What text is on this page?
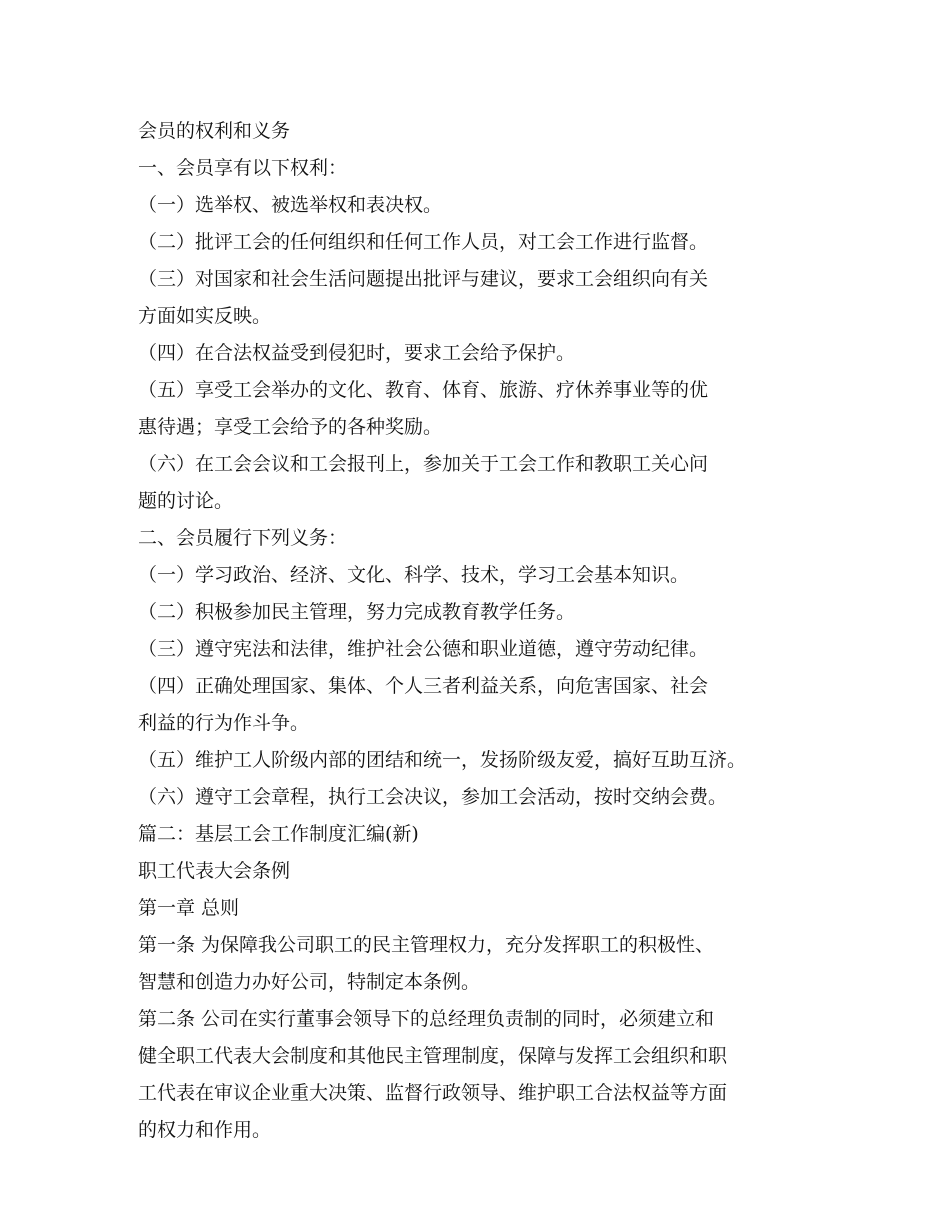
会员的权利和义务
一、会员享有以下权利：
（一）选举权、被选举权和表决权。
（二）批评工会的任何组织和任何工作人员，对工会工作进行监督。
（三）对国家和社会生活问题提出批评与建议，要求工会组织向有关
方面如实反映。
（四）在合法权益受到侵犯时，要求工会给予保护。
（五）享受工会举办的文化、教育、体育、旅游、疗休养事业等的优
惠待遇；享受工会给予的各种奖励。
（六）在工会会议和工会报刊上，参加关于工会工作和教职工关心问
题的讨论。
二、会员履行下列义务：
（一）学习政治、经济、文化、科学、技术，学习工会基本知识。
（二）积极参加民主管理，努力完成教育教学任务。
（三）遵守宪法和法律，维护社会公德和职业道德，遵守劳动纪律。
（四）正确处理国家、集体、个人三者利益关系，向危害国家、社会
利益的行为作斗争。
（五）维护工人阶级内部的团结和统一，发扬阶级友爱，搞好互助互济。
（六）遵守工会章程，执行工会决议，参加工会活动，按时交纳会费。
篇二：基层工会工作制度汇编(新)
职工代表大会条例
第一章 总则
第一条 为保障我公司职工的民主管理权力，充分发挥职工的积极性、
智慧和创造力办好公司，特制定本条例。
第二条 公司在实行董事会领导下的总经理负责制的同时，必须建立和
健全职工代表大会制度和其他民主管理制度，保障与发挥工会组织和职
工代表在审议企业重大决策、监督行政领导、维护职工合法权益等方面
的权力和作用。
